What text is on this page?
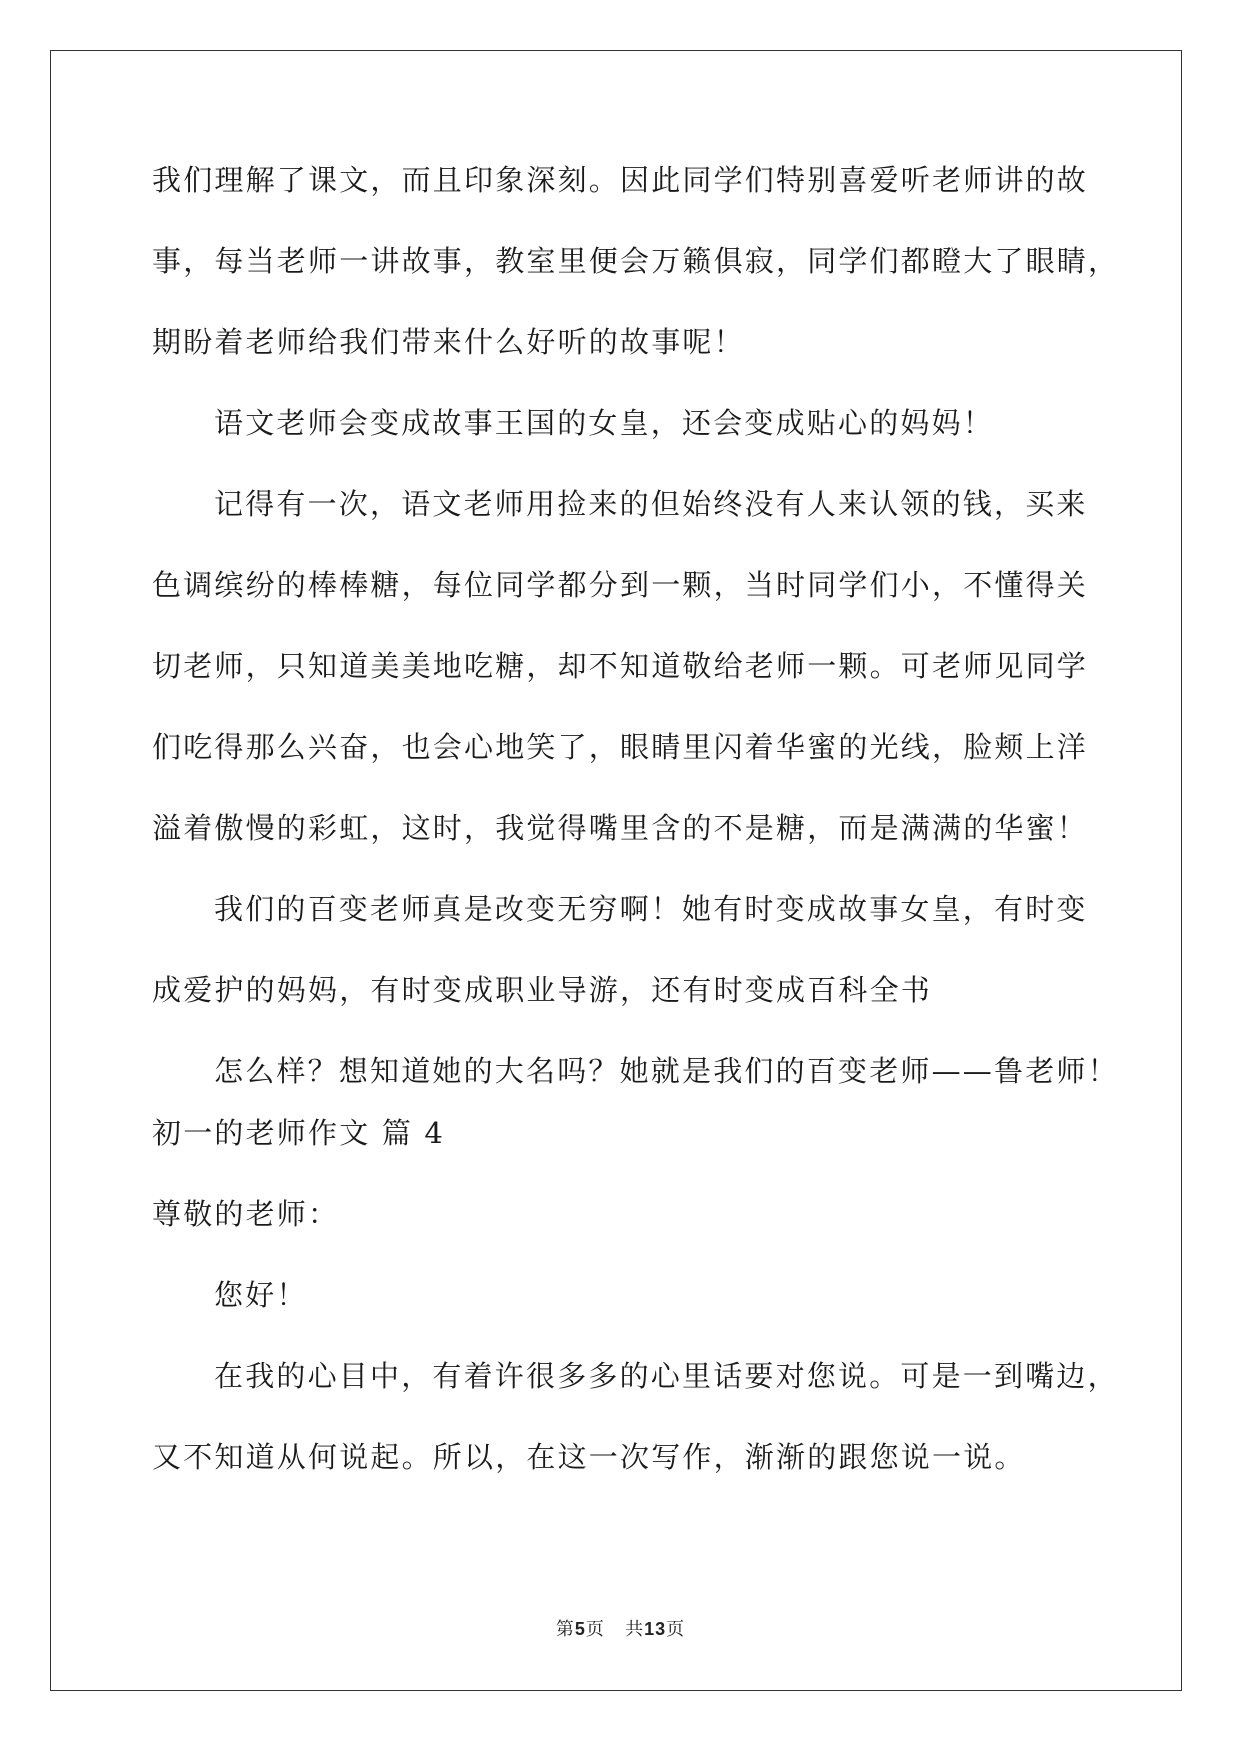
我们理解了课文，而且印象深刻。因此同学们特别喜爱听老师讲的故
事，每当老师一讲故事，教室里便会万籁俱寂，同学们都瞪大了眼睛，
期盼着老师给我们带来什么好听的故事呢！
语文老师会变成故事王国的女皇，还会变成贴心的妈妈！
记得有一次，语文老师用捡来的但始终没有人来认领的钱，买来
色调缤纷的棒棒糖，每位同学都分到一颗，当时同学们小，不懂得关
切老师，只知道美美地吃糖，却不知道敬给老师一颗。可老师见同学
们吃得那么兴奋，也会心地笑了，眼睛里闪着华蜜的光线，脸颊上洋
溢着傲慢的彩虹，这时，我觉得嘴里含的不是糖，而是满满的华蜜！
我们的百变老师真是改变无穷啊！她有时变成故事女皇，有时变
成爱护的妈妈，有时变成职业导游，还有时变成百科全书
怎么样？想知道她的大名吗？她就是我们的百变老师——鲁老师！
初一的老师作文 篇 4
尊敬的老师：
您好！
在我的心目中，有着许很多多的心里话要对您说。可是一到嘴边，
又不知道从何说起。所以，在这一次写作，渐渐的跟您说一说。
第5页 共13页
